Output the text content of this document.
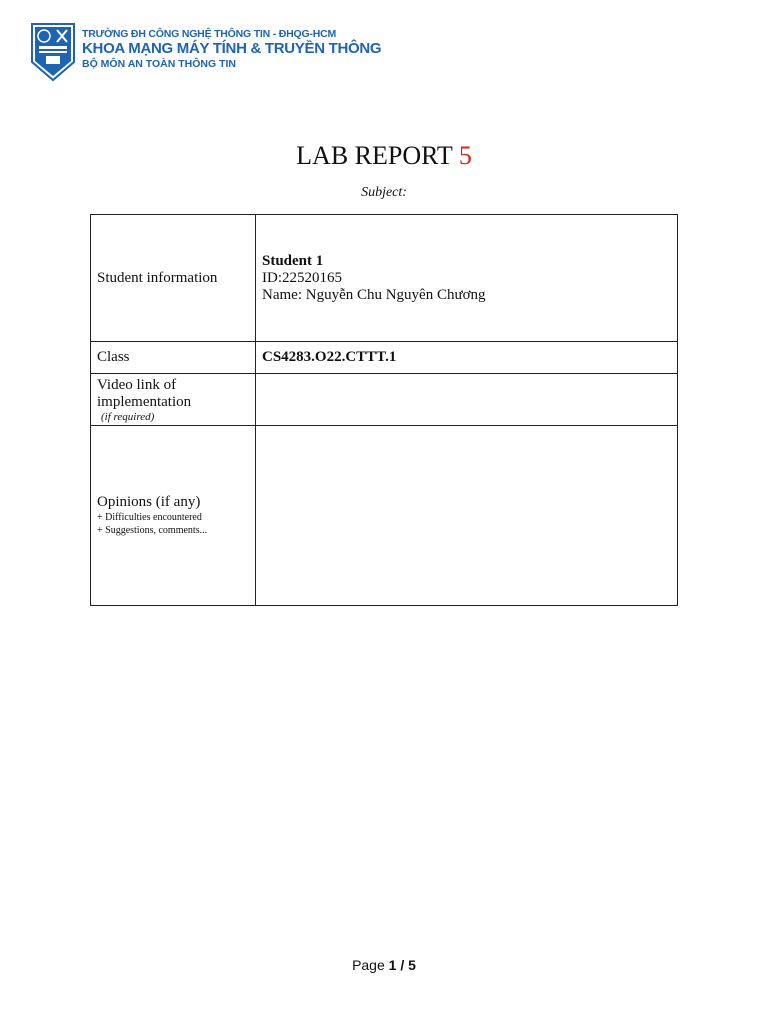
TRƯỜNG ĐH CÔNG NGHỆ THÔNG TIN - ĐHQG-HCM
KHOA MẠNG MÁY TÍNH & TRUYỀN THÔNG
BỘ MÔN AN TOÀN THÔNG TIN
LAB REPORT 5
Subject:
Student information	Student 1
ID:22520165
Name: Nguyễn Chu Nguyên Chương

Class	CS4283.O22.CTTT.1

Video link of
implementation
(if required)	

Opinions (if any)
+ Difficulties encountered
+ Suggestions, comments...	

Page 1 / 5
